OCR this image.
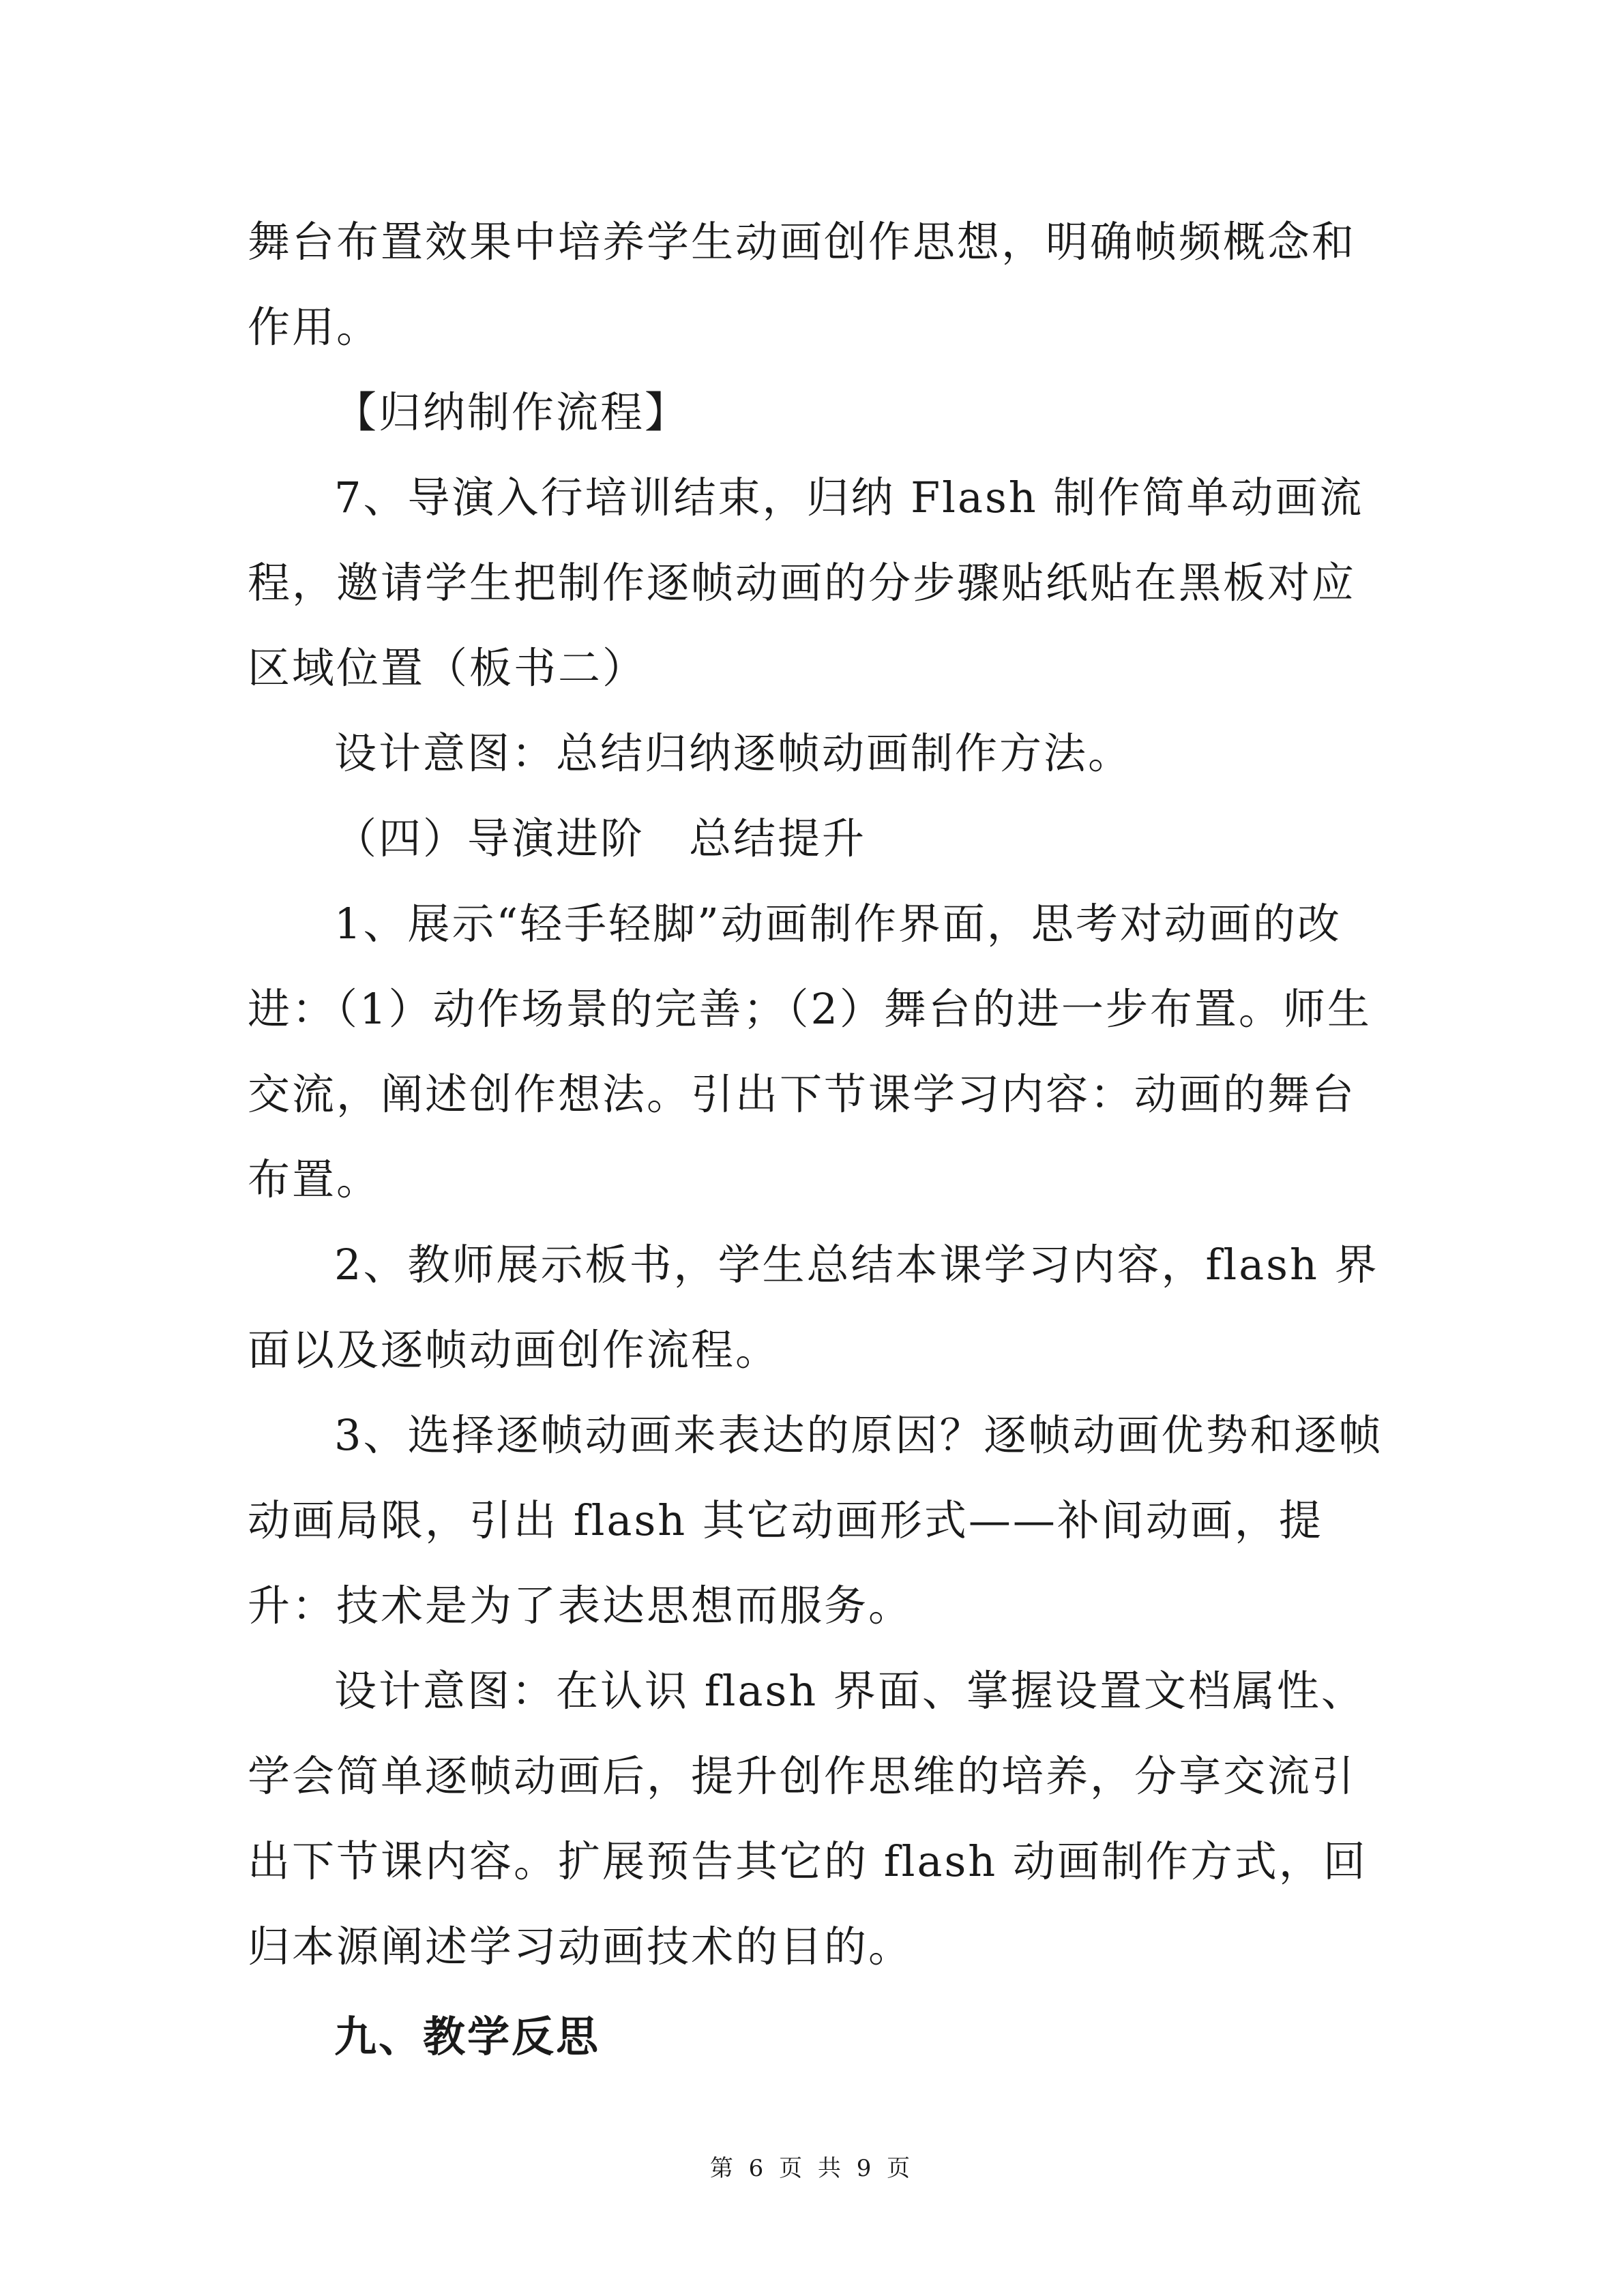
舞台布置效果中培养学生动画创作思想，明确帧频概念和

作用。

【归纳制作流程】

7、导演入行培训结束，归纳 Flash 制作简单动画流

程，邀请学生把制作逐帧动画的分步骤贴纸贴在黑板对应

区域位置（板书二）

设计意图：总结归纳逐帧动画制作方法。

（四）导演进阶　总结提升

1、展示“轻手轻脚”动画制作界面，思考对动画的改

进：（1）动作场景的完善；（2）舞台的进一步布置。师生

交流，阐述创作想法。引出下节课学习内容：动画的舞台

布置。

2、教师展示板书，学生总结本课学习内容，flash 界

面以及逐帧动画创作流程。

3、选择逐帧动画来表达的原因？逐帧动画优势和逐帧

动画局限，引出 flash 其它动画形式——补间动画，提

升：技术是为了表达思想而服务。

设计意图：在认识 flash 界面、掌握设置文档属性、

学会简单逐帧动画后，提升创作思维的培养，分享交流引

出下节课内容。扩展预告其它的 flash 动画制作方式，回

归本源阐述学习动画技术的目的。

九、教学反思

第 6 页 共 9 页
